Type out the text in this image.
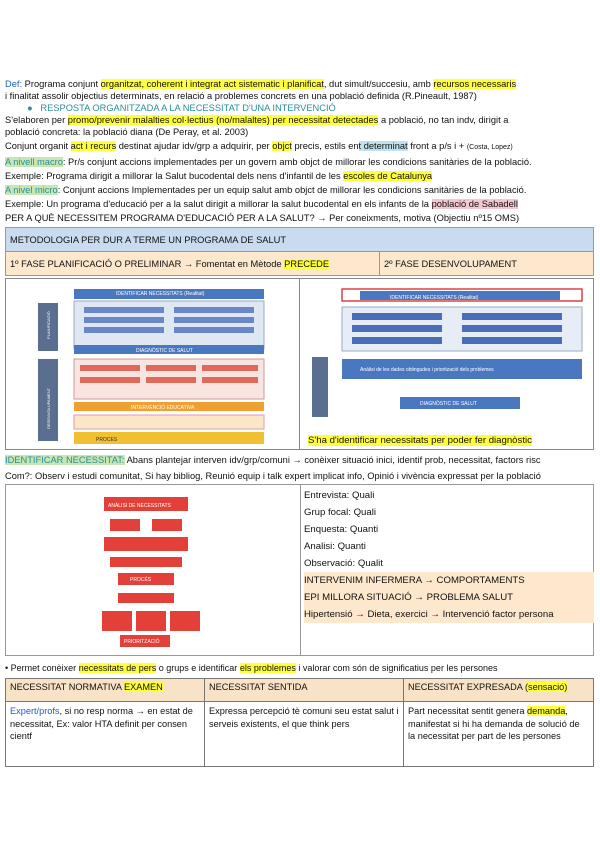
Def: Programa conjunt organitzat, coherent i integrat act sistematic i planificat, dut simult/succesiu, amb recursos necessaris
i finalitat assolir objectius determinats, en relació a problemes concrets en una població definida (R.Pineault, 1987)
●   RESPOSTA ORGANITZADA A LA NECESSITAT D'UNA INTERVENCIÓ
S'elaboren per promo/prevenir malalties col·lectius (no/malaltes) per necessitat detectades a població, no tan indv, dirigit a
població concreta: la població diana (De Peray, et al. 2003)
Conjunt organit act i recurs destinat ajudar idv/grp a adquirir, per objct precis, estils ent determinat front a p/s i + (Costa, Lopez)
A nivell macro: Pr/s conjunt accions implementades per un govern amb objct de millorar les condicions sanitàries de la població.
Exemple: Programa dirigit a millorar la Salut bucodental dels nens d'infantil de les escoles de Catalunya
A nivel micro: Conjunt accions Implementades per un equip salut amb objct de millorar les condicions sanitàries de la població.
Exemple: Un programa d'educació per a la salut dirigit a millorar la salut bucodental en els infants de la població de Sabadell
PER A QUÈ NECESSITEM PROGRAMA D'EDUCACIÓ PER A LA SALUT? → Per coneixments, motiva (Objectiu nº15 OMS)
METODOLOGIA PER DUR A TERME UN PROGRAMA DE SALUT
1º FASE PLANIFICACIÓ O PRELIMINAR → Fomentat en Mètode PRECEDE	2º FASE DESENVOLUPAMENT
IDENTIFICAR NECESSITATS (Realitat)
DIAGNÒSTIC DE SALUT
INTERVENCIÓ EDUCATIVA
PROCES
PLANIFICACIÓ
DESENVOLUPAMENT
IDENTIFICAR NECESSITATS (Realitat)
Anàlisi de les dades obtingudes i priorització dels problemes
DIAGNÒSTIC DE SALUT
S'ha d'identificar necessitats per poder fer diagnòstic
IDENTIFICAR NECESSITAT: Abans plantejar interven idv/grp/comuni → conèixer situació inici, identif prob, necessitat, factors risc
Com?: Observ i estudi comunitat, Si hay bibliog, Reunió equip i talk expert implicat info, Opinió i vivència expressat per la població
ANÀLISI DE NECESSITATS
PROCÉS
PRIORITZACIÓ
Entrevista: Quali
Grup focal: Quali
Enquesta: Quanti
Analisi: Quanti
Observació: Qualit
INTERVENIM INFERMERA → COMPORTAMENTS
EPI MILLORA SITUACIÓ → PROBLEMA SALUT
Hipertensió → Dieta, exercici → Intervenció factor persona
• Permet conèixer necessitats de pers o grups e identificar els problemes i valorar com són de significatius per les persones
NECESSITAT NORMATIVA EXAMEN	NECESSITAT SENTIDA	NECESSITAT EXPRESADA (sensació)
Expert/profs, si no resp norma → en estat de necessitat, Ex: valor HTA definit per consen cientf	Expressa percepció tè comuni seu estat salut i serveis existents, el que think pers	Part necessitat sentit genera demanda, manifestat si hi ha demanda de solució de la necessitat per part de les persones
